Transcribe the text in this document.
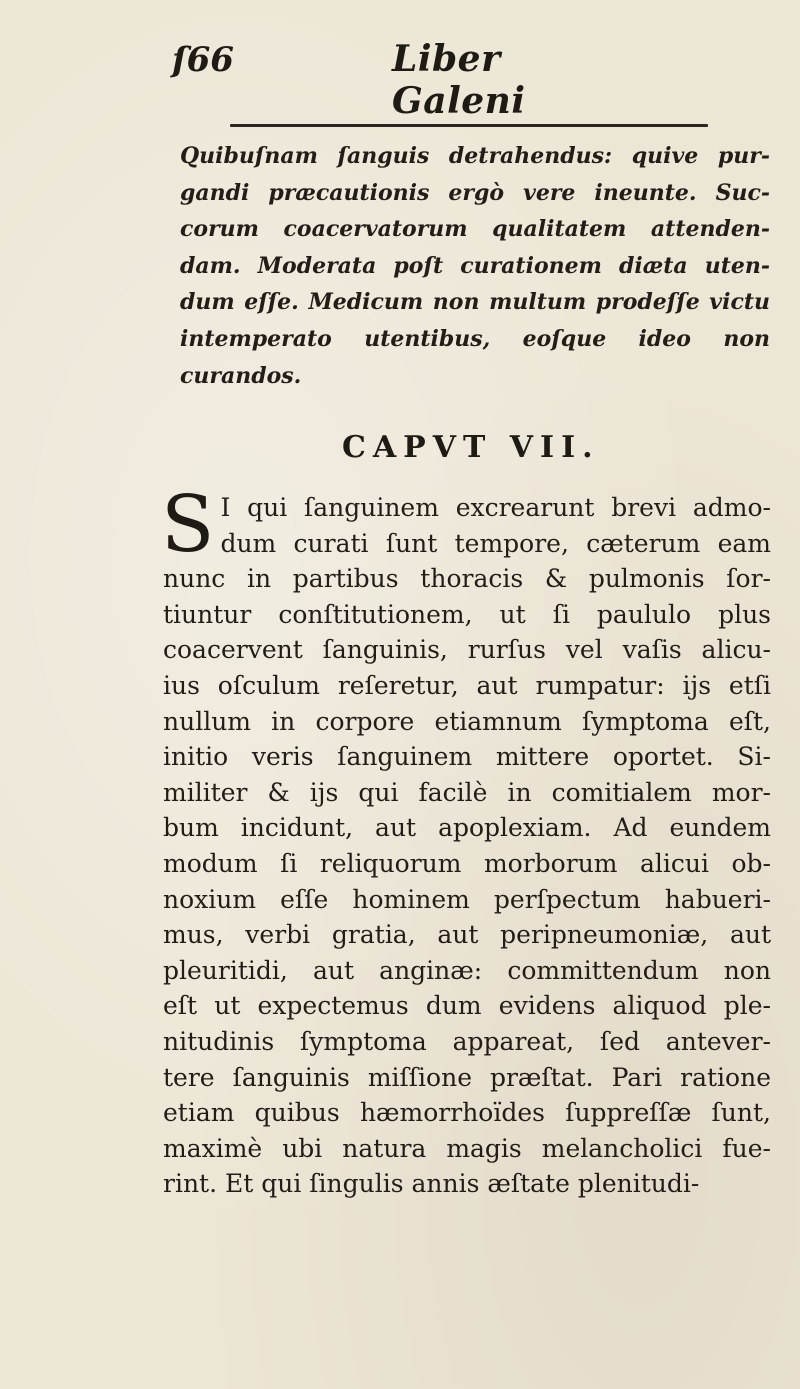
ſ66	Liber Galeni
Quibuſnam ſanguis detrahendus: quive pur-gandi præcautionis ergò vere ineunte. Suc-corum coacervatorum qualitatem attenden-dam. Moderata poſt curationem diæta uten-dum eſſe. Medicum non multum prodeſſe victu intemperato utentibus, eoſque ideo non curandos.
CAPVT VII.
S I qui ſanguinem excrearunt brevi admo-
dum curati ſunt tempore, cæterum eam
nunc in partibus thoracis & pulmonis ſor-
tiuntur conſtitutionem, ut ſi paululo plus
coacervent ſanguinis, rurſus vel vaſis alicu-
ius oſculum reſeretur, aut rumpatur: ijs etſi
nullum in corpore etiamnum ſymptoma eſt,
initio veris ſanguinem mittere oportet. Si-
militer & ijs qui facilè in comitialem mor-
bum incidunt, aut apoplexiam. Ad eundem
modum ſi reliquorum morborum alicui ob-
noxium eſſe hominem perſpectum habueri-
mus, verbi gratia, aut peripneumoniæ, aut
pleuritidi, aut anginæ: committendum non
eſt ut expectemus dum evidens aliquod ple-
nitudinis ſymptoma appareat, ſed antever-
tere ſanguinis miſſione præſtat. Pari ratione
etiam quibus hæmorrhoïdes ſuppreſſæ ſunt,
maximè ubi natura magis melancholici fue-
rint. Et qui ſingulis annis æſtate plenitudi-
